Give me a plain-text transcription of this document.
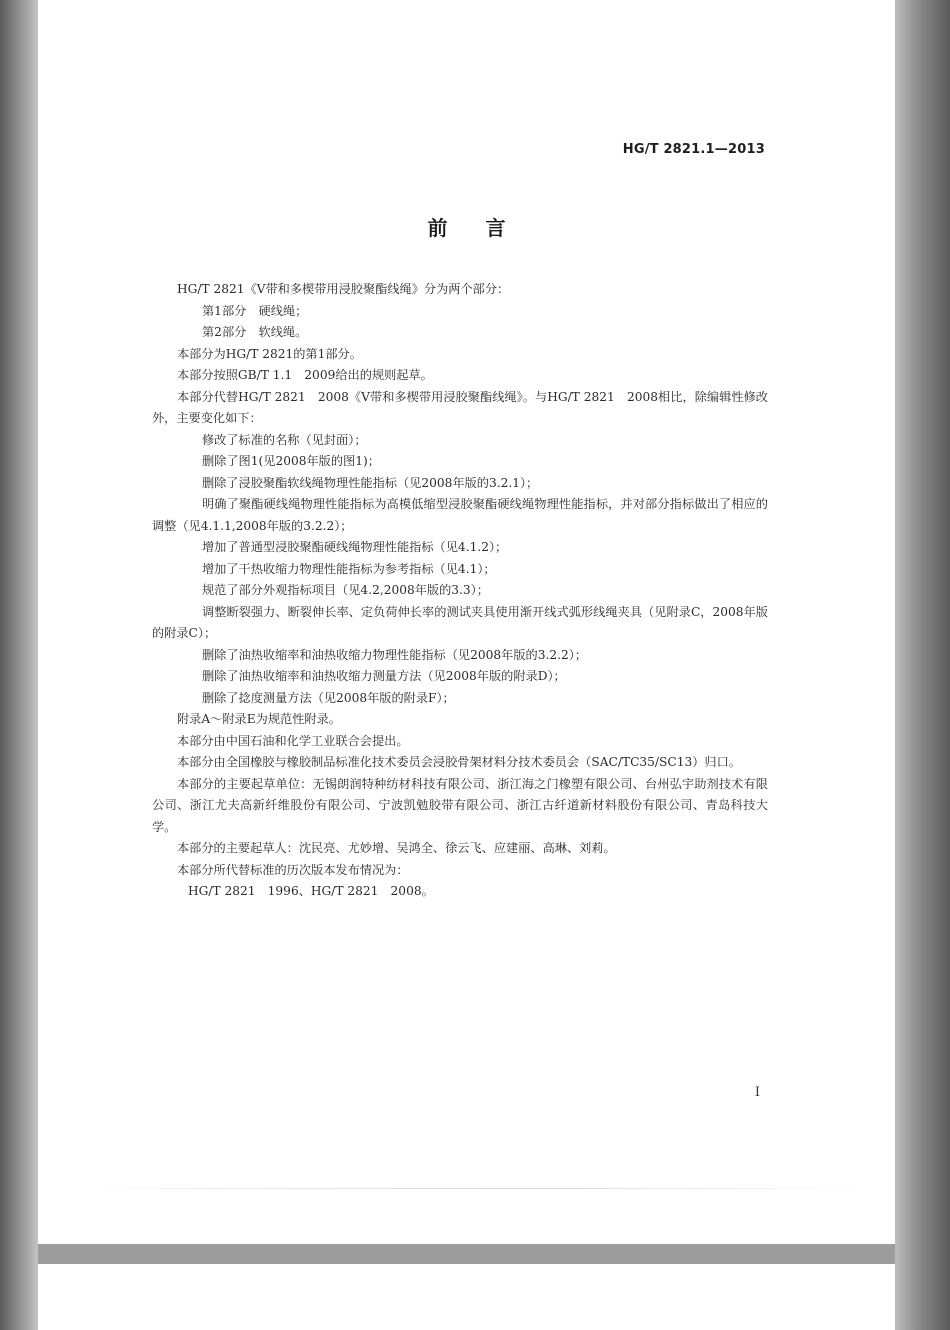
HG/T 2821.1—2013
前言

HG/T 2821《V带和多楔带用浸胶聚酯线绳》分为两个部分：

第1部分　硬线绳；

第2部分　软线绳。

本部分为HG/T 2821的第1部分。

本部分按照GB/T 1.1　2009给出的规则起草。

本部分代替HG/T 2821　2008《V带和多楔带用浸胶聚酯线绳》。与HG/T 2821　2008相比，除编辑性修改外，主要变化如下：

修改了标准的名称（见封面）；

删除了图1(见2008年版的图1)；

删除了浸胶聚酯软线绳物理性能指标（见2008年版的3.2.1）；

明确了聚酯硬线绳物理性能指标为高模低缩型浸胶聚酯硬线绳物理性能指标，并对部分指标做出了相应的调整（见4.1.1,2008年版的3.2.2）；

增加了普通型浸胶聚酯硬线绳物理性能指标（见4.1.2）；

增加了干热收缩力物理性能指标为参考指标（见4.1）；

规范了部分外观指标项目（见4.2,2008年版的3.3）；

调整断裂强力、断裂伸长率、定负荷伸长率的测试夹具使用渐开线式弧形线绳夹具（见附录C，2008年版的附录C）；

删除了油热收缩率和油热收缩力物理性能指标（见2008年版的3.2.2）；

删除了油热收缩率和油热收缩力测量方法（见2008年版的附录D）；

删除了捻度测量方法（见2008年版的附录F）；

附录A～附录E为规范性附录。

本部分由中国石油和化学工业联合会提出。

本部分由全国橡胶与橡胶制品标准化技术委员会浸胶骨架材料分技术委员会（SAC/TC35/SC13）归口。

本部分的主要起草单位：无锡朗润特种纺材科技有限公司、浙江海之门橡塑有限公司、台州弘宇助剂技术有限公司、浙江尤夫高新纤维股份有限公司、宁波凯勉胶带有限公司、浙江古纤道新材料股份有限公司、青岛科技大学。

本部分的主要起草人：沈民亮、尤妙增、吴鸿全、徐云飞、应建丽、高琳、刘莉。

本部分所代替标准的历次版本发布情况为：

HG/T 2821　1996、HG/T 2821　2008。

I
